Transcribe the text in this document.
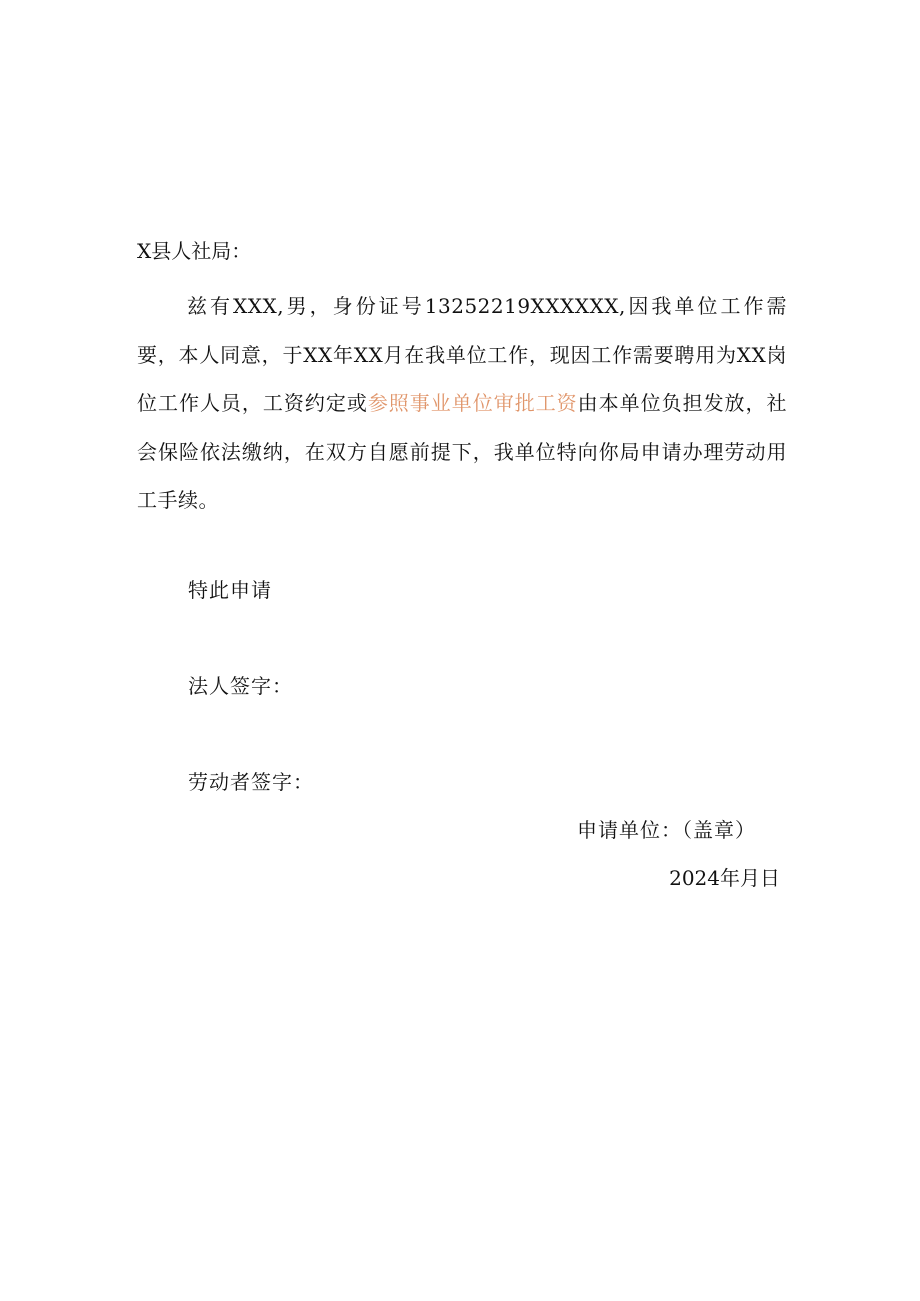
X县人社局：
兹有XXX,男，身份证号13252219XXXXXX,因我单位工作需要，本人同意，于XX年XX月在我单位工作，现因工作需要聘用为XX岗位工作人员，工资约定或参照事业单位审批工资由本单位负担发放，社会保险依法缴纳，在双方自愿前提下，我单位特向你局申请办理劳动用工手续。
特此申请
法人签字：
劳动者签字：
申请单位：（盖章）
2024年月日
